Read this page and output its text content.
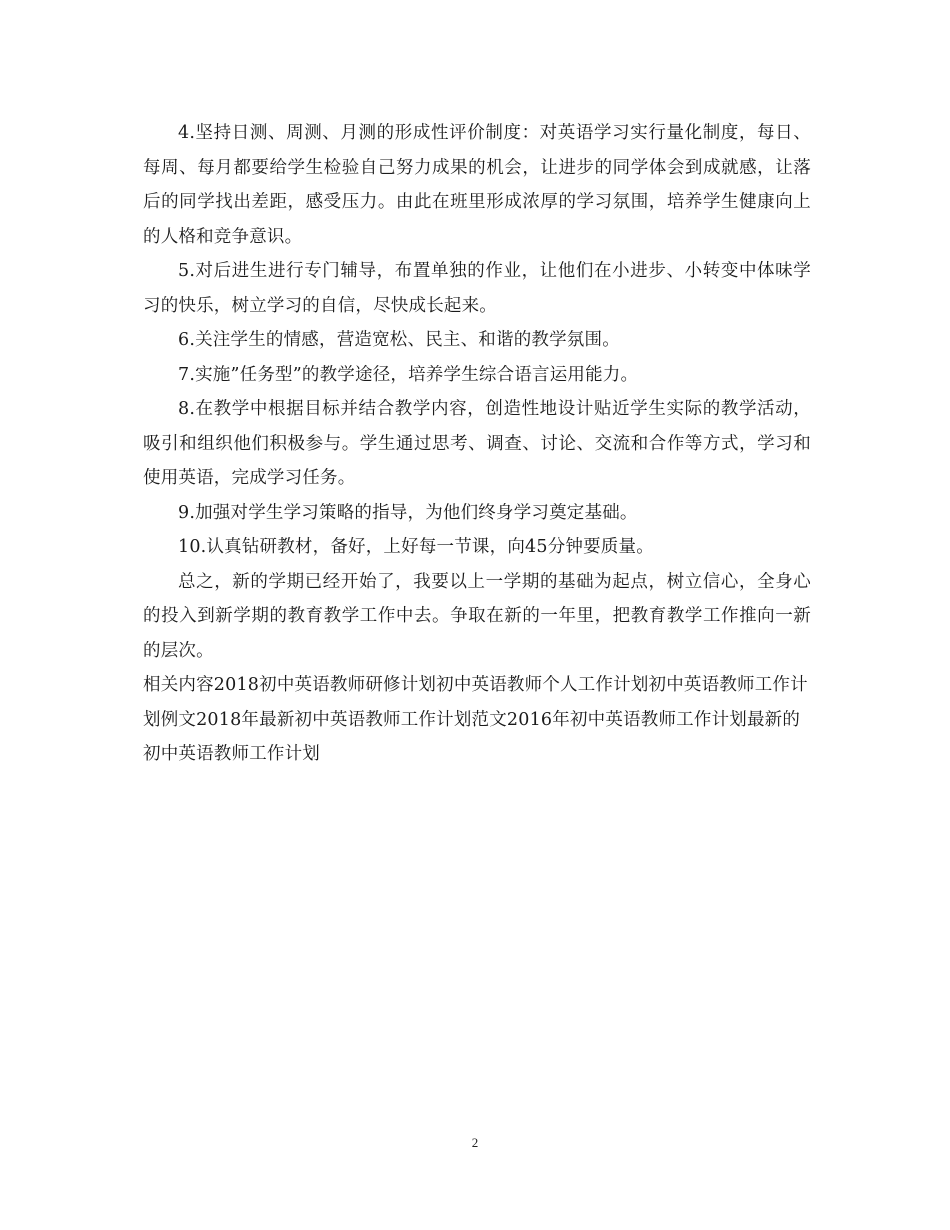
4.坚持日测、周测、月测的形成性评价制度：对英语学习实行量化制度，每日、每周、每月都要给学生检验自己努力成果的机会，让进步的同学体会到成就感，让落后的同学找出差距，感受压力。由此在班里形成浓厚的学习氛围，培养学生健康向上的人格和竞争意识。

5.对后进生进行专门辅导，布置单独的作业，让他们在小进步、小转变中体味学习的快乐，树立学习的自信，尽快成长起来。

6.关注学生的情感，营造宽松、民主、和谐的教学氛围。

7.实施”任务型”的教学途径，培养学生综合语言运用能力。

8.在教学中根据目标并结合教学内容，创造性地设计贴近学生实际的教学活动，吸引和组织他们积极参与。学生通过思考、调查、讨论、交流和合作等方式，学习和使用英语，完成学习任务。

9.加强对学生学习策略的指导，为他们终身学习奠定基础。

10.认真钻研教材，备好，上好每一节课，向45分钟要质量。

总之，新的学期已经开始了，我要以上一学期的基础为起点，树立信心，全身心的投入到新学期的教育教学工作中去。争取在新的一年里，把教育教学工作推向一新的层次。

相关内容2018初中英语教师研修计划初中英语教师个人工作计划初中英语教师工作计划例文2018年最新初中英语教师工作计划范文2016年初中英语教师工作计划最新的初中英语教师工作计划

2
